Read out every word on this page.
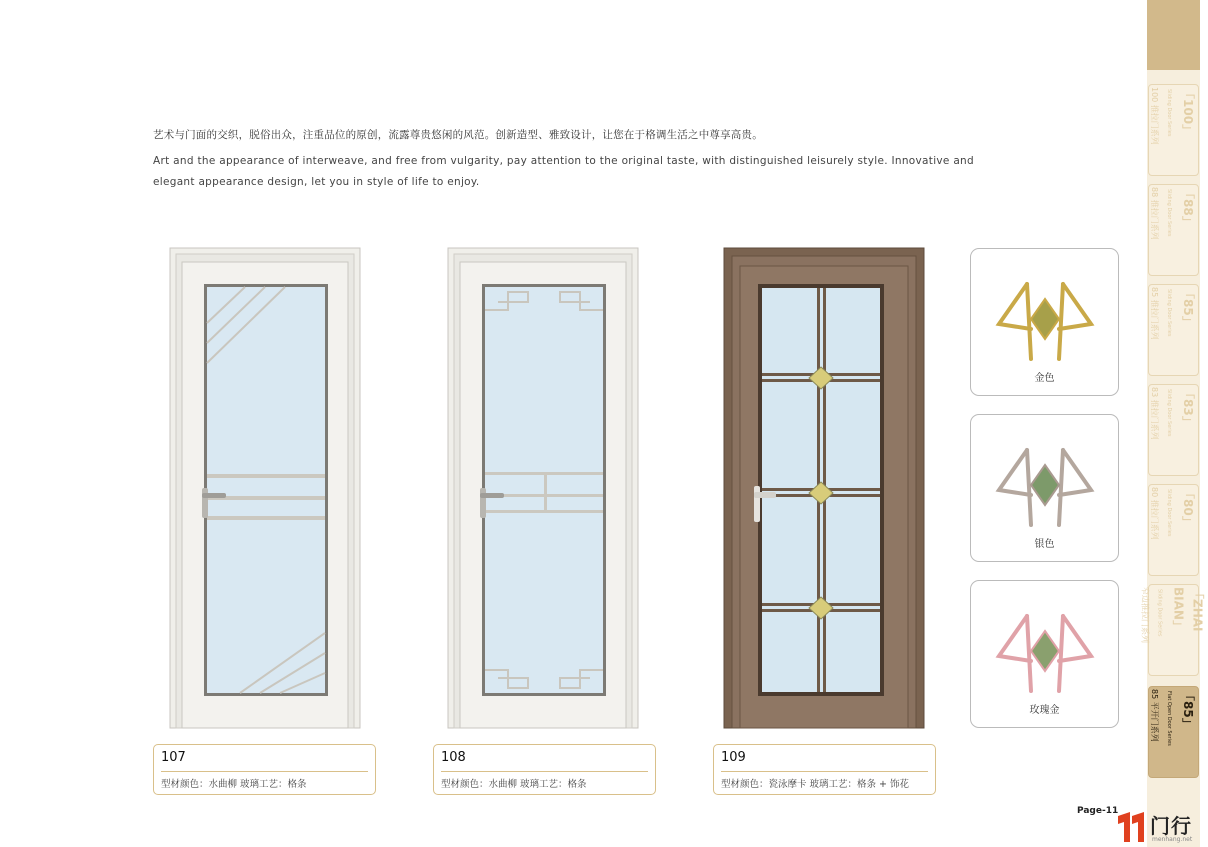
艺术与门面的交织，脱俗出众，注重品位的原创，流露尊贵悠闲的风范。创新造型、雅致设计，让您在于格调生活之中尊享高贵。

Art and the appearance of interweave, and free from vulgarity, pay attention to the original taste, with distinguished leisurely style. Innovative and elegant appearance design, let you in style of life to enjoy.

107
型材颜色：水曲柳 玻璃工艺：格条
108
型材颜色：水曲柳 玻璃工艺：格条
109
型材颜色：瓷泳摩卡 玻璃工艺：格条 + 饰花
金色
银色
玫瑰金
「100」Sliding Door Series
100 推拉门系列
「88」Sliding Door Series
88 推拉门系列
「85」Sliding Door Series
85 推拉门系列
「83」Sliding Door Series
83 推拉门系列
「80」Sliding Door Series
80 推拉门系列
「ZHAI BIAN」Sliding Door Series
窄边推拉门系列
「85」Flat Open Door Series
85 平开门系列
Page-11
门行
menhang.net
